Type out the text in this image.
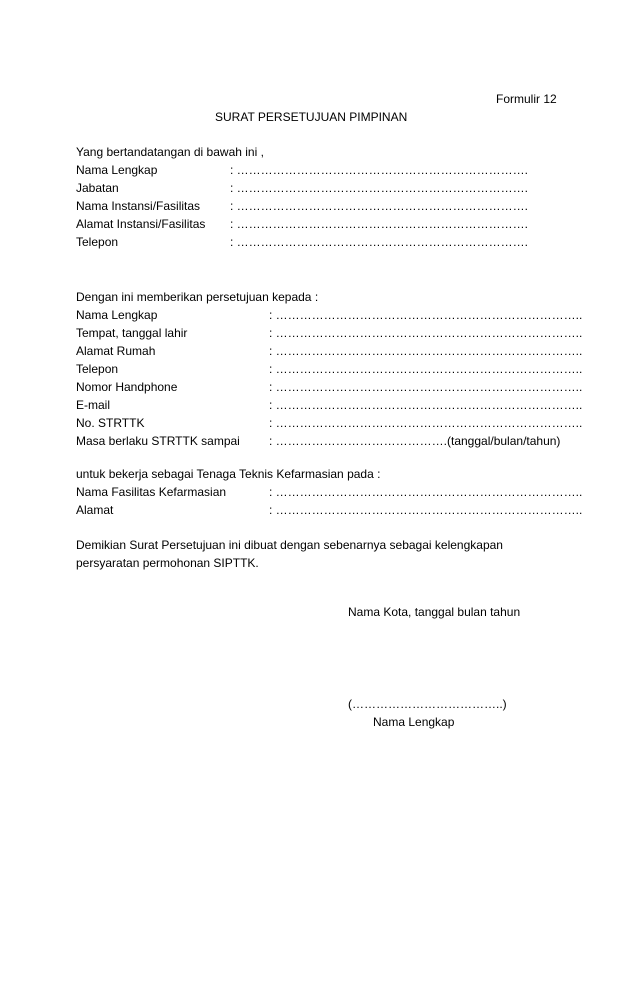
Formulir 12
SURAT PERSETUJUAN PIMPINAN
Yang bertandatangan di bawah ini ,
Nama Lengkap	: ……………………………………………………………….
Jabatan	: ……………………………………………………………….
Nama Instansi/Fasilitas : ……………………………………………………………….
Alamat Instansi/Fasilitas : ……………………………………………………………….
Telepon	: ……………………………………………………………….
Dengan ini memberikan persetujuan kepada :
Nama Lengkap	: …………………………………………………………………..
Tempat, tanggal lahir	: …………………………………………………………………..
Alamat Rumah	: …………………………………………………………………..
Telepon	: …………………………………………………………………..
Nomor Handphone	: …………………………………………………………………..
E-mail	: …………………………………………………………………..
No. STRTTK	: …………………………………………………………………..
Masa berlaku STRTTK sampai : …………………………………….(tanggal/bulan/tahun)
untuk bekerja sebagai Tenaga Teknis Kefarmasian pada :
Nama Fasilitas Kefarmasian	: …………………………………………………………………..
Alamat	: …………………………………………………………………..
Demikian Surat Persetujuan ini dibuat dengan sebenarnya sebagai kelengkapan persyaratan permohonan SIPTTK.
Nama Kota, tanggal bulan tahun
(………………………………..)
Nama Lengkap
